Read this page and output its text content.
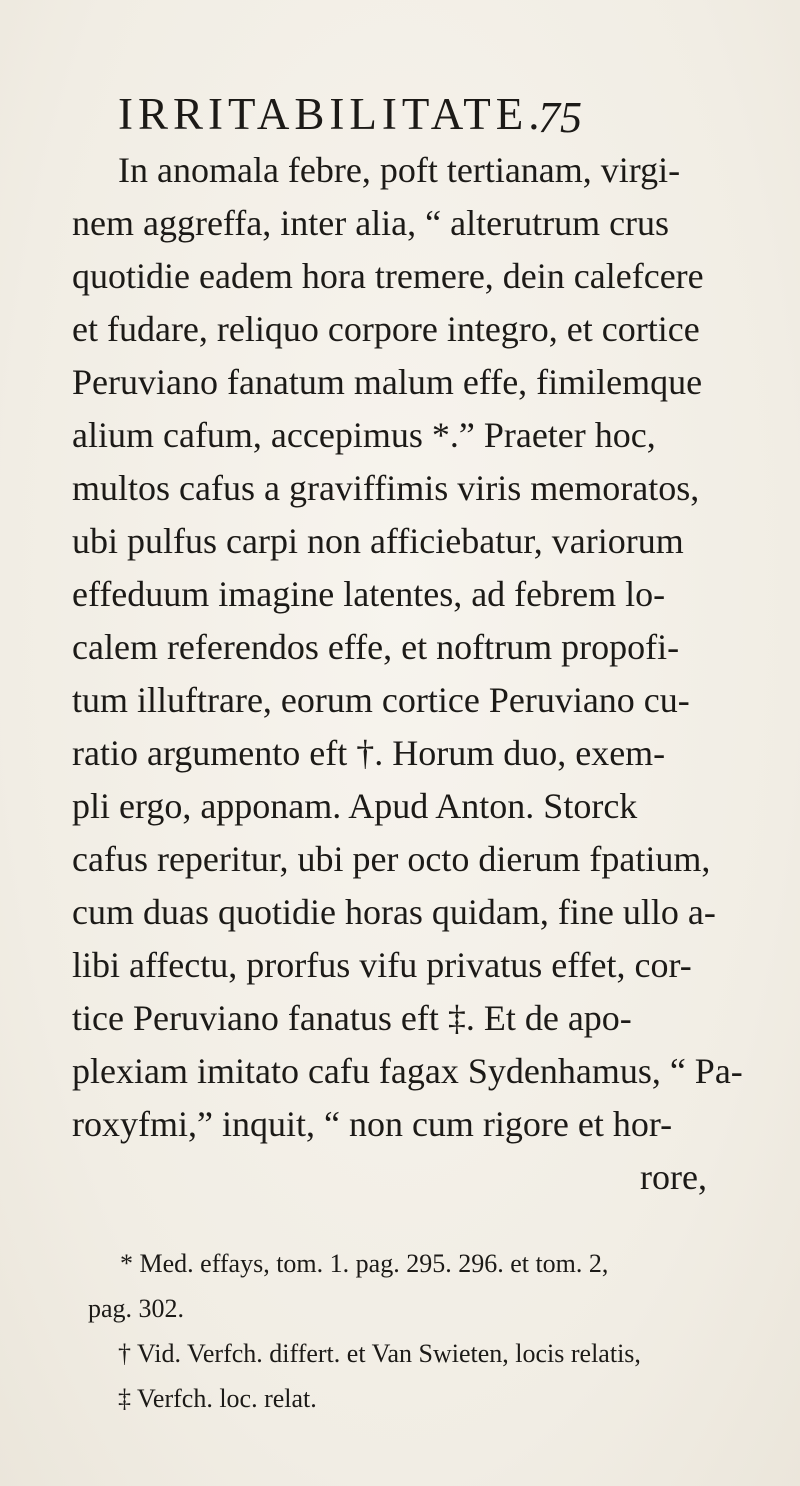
IRRITABILITATE.
75
In anomala febre, poft tertianam, virgi-
nem aggreffa, inter alia, “ alterutrum crus
quotidie eadem hora tremere, dein calefcere
et fudare, reliquo corpore integro, et cortice
Peruviano fanatum malum effe, fimilemque
alium cafum, accepimus *.” Praeter hoc,
multos cafus a graviffimis viris memoratos,
ubi pulfus carpi non afficiebatur, variorum
effeduum imagine latentes, ad febrem lo-
calem referendos effe, et noftrum propofi-
tum illuftrare, eorum cortice Peruviano cu-
ratio argumento eft †. Horum duo, exem-
pli ergo, apponam. Apud Anton. Storck
cafus reperitur, ubi per octo dierum fpatium,
cum duas quotidie horas quidam, fine ullo a-
libi affectu, prorfus vifu privatus effet, cor-
tice Peruviano fanatus eft ‡. Et de apo-
plexiam imitato cafu fagax Sydenhamus, “ Pa-
roxyfmi,” inquit, “ non cum rigore et hor-
rore,
* Med. effays, tom. 1. pag. 295. 296. et tom. 2,
pag. 302.
† Vid. Verfch. differt. et Van Swieten, locis relatis,
‡ Verfch. loc. relat.
